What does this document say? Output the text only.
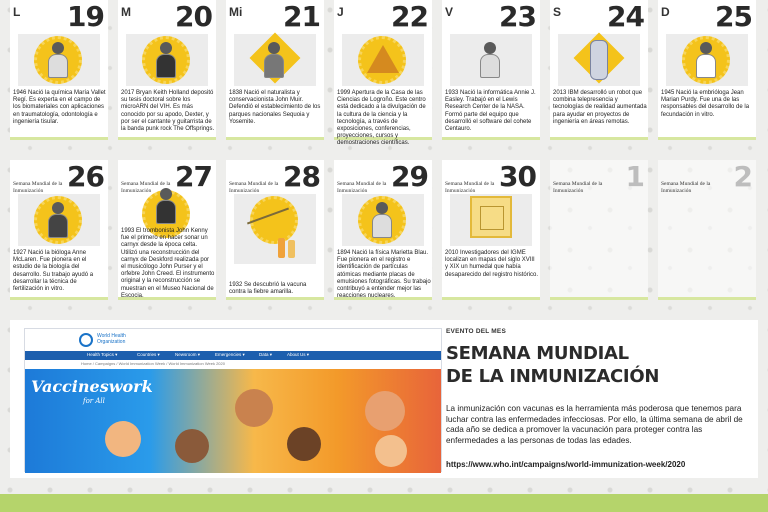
L 19

1946 Nació la química María Vallet Regí. Es experta en el campo de los biomateriales con aplicaciones en traumatología, odontología e ingeniería tisular.

M 20

2017 Bryan Keith Holland depositó su tesis doctoral sobre los microARN del VIH. Es más conocido por su apodo, Dexter, y por ser el cantante y guitarrista de la banda punk rock The Offsprings.

Mi 21

1838 Nació el naturalista y conservacionista John Muir. Defendió el establecimiento de los parques nacionales Sequoia y Yosemite.

J 22

1999 Apertura de la Casa de las Ciencias de Logroño. Este centro está dedicado a la divulgación de la cultura de la ciencia y la tecnología, a través de exposiciones, conferencias, proyecciones, cursos y demostraciones científicas.

V 23

1933 Nació la informática Annie J. Easley. Trabajó en el Lewis Research Center de la NASA. Formó parte del equipo que desarrolló el software del cohete Centauro.

S 24

2013 IBM desarrolló un robot que combina telepresencia y tecnologías de realidad aumentada para ayudar en proyectos de ingeniería en áreas remotas.

D 25

1945 Nació la embrióloga Jean Marian Purdy. Fue una de las responsables del desarrollo de la fecundación in vitro.

Semana Mundial de la Inmunización 26

1927 Nació la bióloga Anne McLaren. Fue pionera en el estudio de la biología del desarrollo. Su trabajo ayudó a desarrollar la técnica de fertilización in vitro.

Semana Mundial de la Inmunización 27

1993 El trombonista John Kenny fue el primero en hacer sonar un carnyx desde la época celta. Utilizó una reconstrucción del carnyx de Deskford realizada por el musicólogo John Purser y el orfebre John Creed. El instrumento original y la reconstrucción se muestran en el Museo Nacional de Escocia.

Semana Mundial de la Inmunización 28

1932 Se descubrió la vacuna contra la fiebre amarilla.

Semana Mundial de la Inmunización 29

1894 Nació la física Marietta Blau. Fue pionera en el registro e identificación de partículas atómicas mediante placas de emulsiones fotográficas. Su trabajo contribuyó a entender mejor las reacciones nucleares.

Semana Mundial de la Inmunización 30

2010 Investigadores del IGME localizan en mapas del siglo XVIII y XIX un humedal que había desaparecido del registro histórico.

Semana Mundial de la Inmunización	1	Semana Mundial de la Inmunización	2
World Health Organization
Health Topics ▾	Countries ▾	Newsroom ▾	Emergencies ▾	Data ▾	About Us ▾
Home / Campaigns / World Immunization Week / World Immunization Week 2020
Vaccineswork
for All
EVENTO DEL MES
SEMANA MUNDIAL
DE LA INMUNIZACIÓN

La inmunización con vacunas es la herramienta más poderosa que tenemos para luchar contra las enfermedades infecciosas. Por ello, la última semana de abril de cada año se dedica a promover la vacunación para proteger contra las enfermedades a las personas de todas las edades.

https://www.who.int/campaigns/world-immunization-week/2020
